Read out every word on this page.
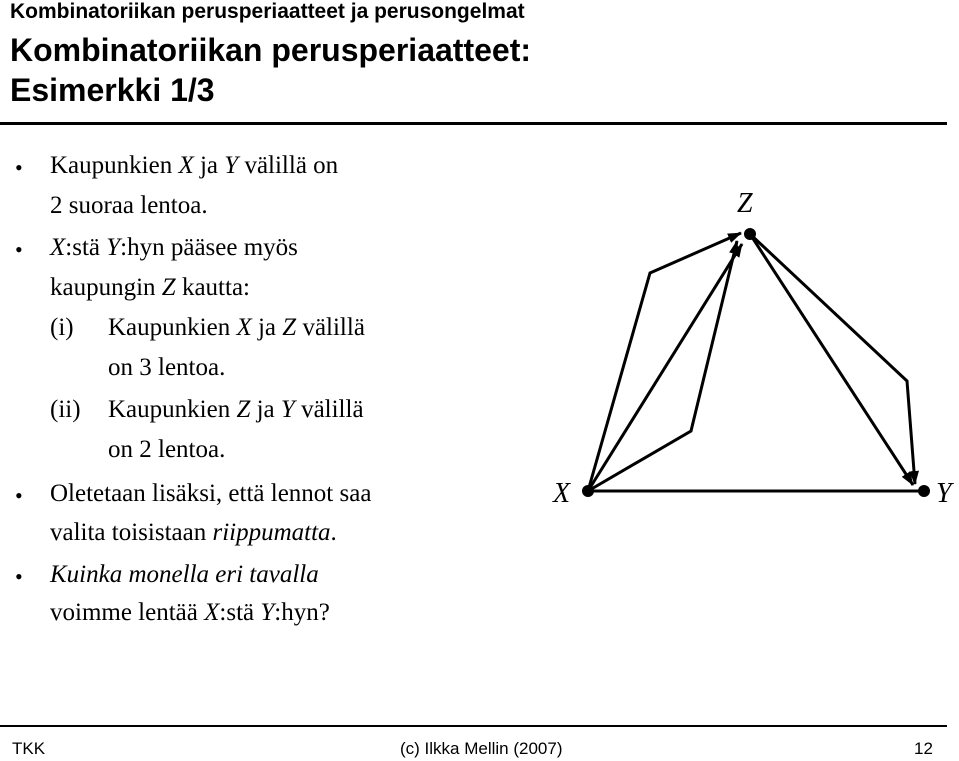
Kombinatoriikan perusperiaatteet ja perusongelmat
Kombinatoriikan perusperiaatteet:
Esimerkki 1/3
• Kaupunkien X ja Y välillä on
2 suoraa lentoa.
• X:stä Y:hyn pääsee myös
kaupungin Z kautta:
(i) Kaupunkien X ja Z välillä
on 3 lentoa.
(ii) Kaupunkien Z ja Y välillä
on 2 lentoa.
• Oletetaan lisäksi, että lennot saa
valita toisistaan riippumatta.
• Kuinka monella eri tavalla
voimme lentää X:stä Y:hyn?
X	Y
Z
TKK	(c) Ilkka Mellin (2007)	12
